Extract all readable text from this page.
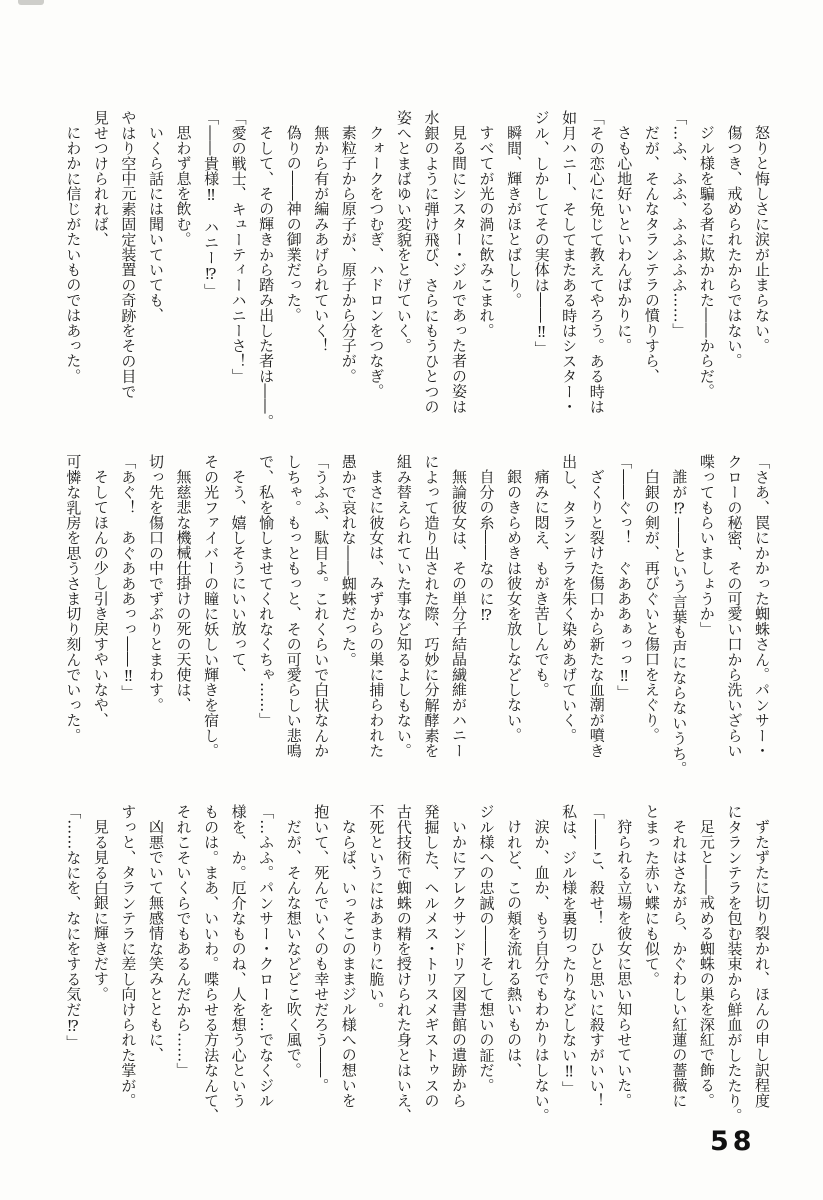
怒りと悔しさに涙が止まらない。

傷つき、戒められたからではない。

ジル様を騙る者に欺かれた――からだ。

「…ふ、ふふ、ふふふふふ……」

だが、そんなタランテラの憤りすら、

さも心地好いといわんばかりに。

「その恋心に免じて教えてやろう。ある時は

如月ハニー、そしてまたある時はシスター・

ジル、しかしてその実体は――‼」

瞬間、輝きがほとばしり。

すべてが光の渦に飲みこまれ。

見る間にシスター・ジルであった者の姿は

水銀のように弾け飛び、さらにもうひとつの

姿へとまばゆい変貌をとげていく。

クォークをつむぎ、ハドロンをつなぎ。

素粒子から原子が、原子から分子が。

無から有が編みあげられていく！

偽りの――神の御業だった。

そして、その輝きから踏み出した者は――。

「愛の戦士、キューティーハニーさ！」

「――貴様‼　ハニー⁉」

思わず息を飲む。

いくら話には聞いていても、

やはり空中元素固定装置の奇跡をその目で

見せつけられれば、

にわかに信じがたいものではあった。

「さあ、罠にかかった蜘蛛さん。パンサー・

クローの秘密、その可愛い口から洗いざらい

喋ってもらいましょうか」

誰が⁉――という言葉も声にならないうち。

白銀の剣が、再びぐいと傷口をえぐり。

「――ぐっ！　ぐあああぁっっ‼」

ざくりと裂けた傷口から新たな血潮が噴き

出し、タランテラを朱く染めあげていく。

痛みに悶え、もがき苦しんでも。

銀のきらめきは彼女を放しなどしない。

自分の糸――なのに⁉

無論彼女は、その単分子結晶繊維がハニー

によって造り出された際、巧妙に分解酵素を

組み替えられていた事など知るよしもない。

まさに彼女は、みずからの巣に捕らわれた

愚かで哀れな――蜘蛛だった。

「うふふ、駄目よ。これくらいで白状なんか

しちゃ。もっともっと、その可愛らしい悲鳴

で、私を愉しませてくれなくちゃ……」

そう、嬉しそうにいい放って、

その光ファイバーの瞳に妖しい輝きを宿し。

無慈悲な機械仕掛けの死の天使は、

切っ先を傷口の中でずぶりとまわす。

「あぐ！　あぐあああっっ――‼」

そしてほんの少し引き戻すやいなや、

可憐な乳房を思うさま切り刻んでいった。

ずたずたに切り裂かれ、ほんの申し訳程度

にタランテラを包む装束から鮮血がしたたり。

足元と――戒める蜘蛛の巣を深紅で飾る。

それはさながら、かぐわしい紅蓮の薔薇に

とまった赤い蝶にも似て。

狩られる立場を彼女に思い知らせていた。

「――こ、殺せ！　ひと思いに殺すがいい！

私は、ジル様を裏切ったりなどしない‼」

涙か、血か、もう自分でもわかりはしない。

けれど、この頬を流れる熱いものは、

ジル様への忠誠の――そして想いの証だ。

いかにアレクサンドリア図書館の遺跡から

発掘した、ヘルメス・トリスメギストゥスの

古代技術で蜘蛛の精を授けられた身とはいえ、

不死というにはあまりに脆い。

ならば、いっそこのままジル様への想いを

抱いて、死んでいくのも幸せだろう――。

だが、そんな想いなどどこ吹く風で。

「…ふふ。パンサー・クローを…でなくジル

様を、か。厄介なものね、人を想う心という

ものは。まあ、いいわ。喋らせる方法なんて、

それこそいくらでもあるんだから……」

凶悪でいて無感情な笑みとともに、

すっと、タランテラに差し向けられた掌が。

見る見る白銀に輝きだす。

「……なにを、なにをする気だ⁉」

58
